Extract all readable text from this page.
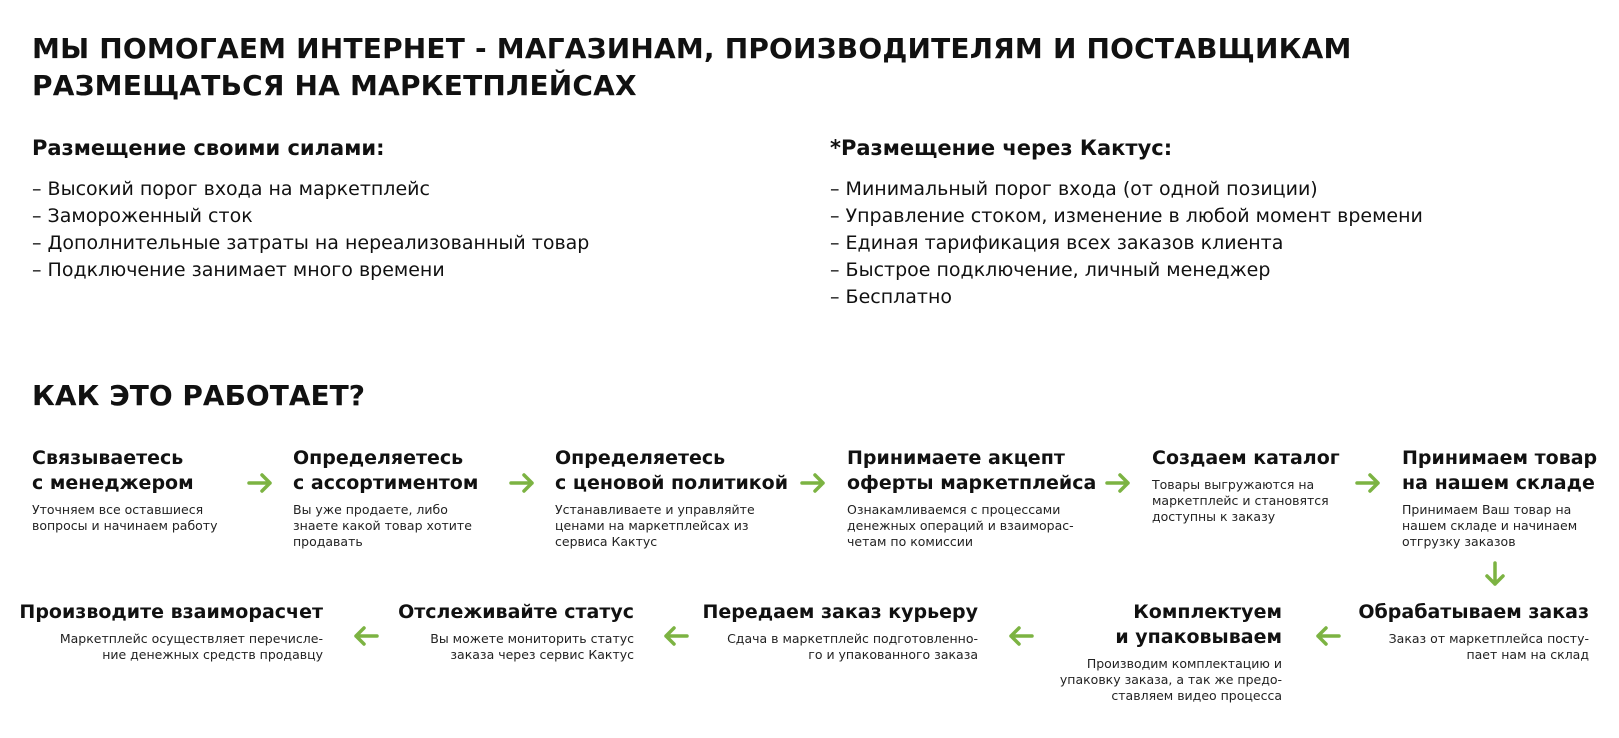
МЫ ПОМОГАЕМ ИНТЕРНЕТ - МАГАЗИНАМ, ПРОИЗВОДИТЕЛЯМ И ПОСТАВЩИКАМ РАЗМЕЩАТЬСЯ НА МАРКЕТПЛЕЙСАХ
Размещение своими силами:
– Высокий порог входа на маркетплейс
– Замороженный сток
– Дополнительные затраты на нереализованный товар
– Подключение занимает много времени
*Размещение через Кактус:
– Минимальный порог входа (от одной позиции)
– Управление стоком, изменение в любой момент времени
– Единая тарификация всех заказов клиента
– Быстрое подключение, личный менеджер
– Бесплатно
КАК ЭТО РАБОТАЕТ?
Связываетесь
с менеджером
Уточняем все оставшиеся
вопросы и начинаем работу
Определяетесь
с ассортиментом
Вы уже продаете, либо
знаете какой товар хотите
продавать
Определяетесь
с ценовой политикой
Устанавливаете и управляйте
ценами на маркетплейсах из
сервиса Кактус
Принимаете акцепт
оферты маркетплейса
Ознакамливаемся с процессами
денежных операций и взаиморас-
четам по комиссии
Создаем каталог
Товары выгружаются на
маркетплейс и становятся
доступны к заказу
Принимаем товар
на нашем складе
Принимаем Ваш товар на
нашем складе и начинаем
отгрузку заказов
Обрабатываем заказ
Заказ от маркетплейса посту-
пает нам на склад
Комплектуем
и упаковываем
Производим комплектацию и
упаковку заказа, а так же предо-
ставляем видео процесса
Передаем заказ курьеру
Сдача в маркетплейс подготовленно-
го и упакованного заказа
Отслеживайте статус
Вы можете мониторить статус
заказа через сервис Кактус
Производите взаиморасчет
Маркетплейс осуществляет перечисле-
ние денежных средств продавцу
